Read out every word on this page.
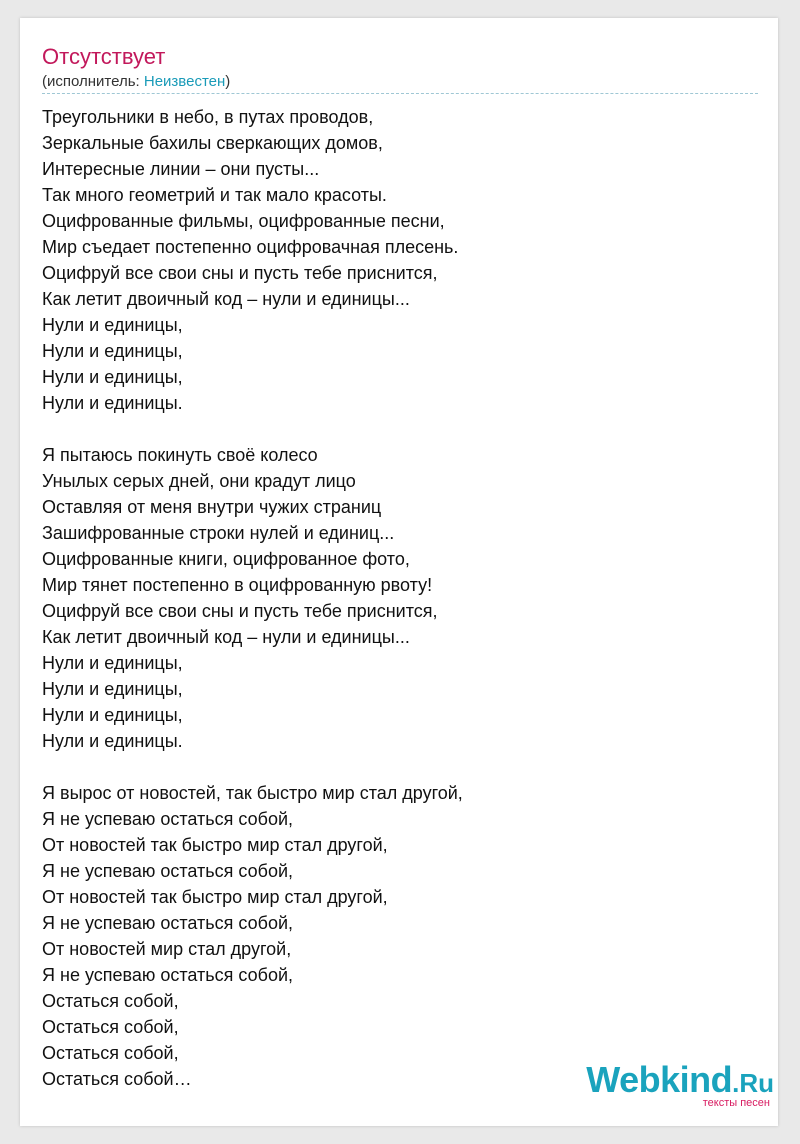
Отсутствует
(исполнитель: Неизвестен)
Треугольники в небо, в путах проводов,
Зеркальные бахилы сверкающих домов,
Интересные линии – они пусты...
Так много геометрий и так мало красоты.
Оцифрованные фильмы, оцифрованные песни,
Мир съедает постепенно оцифровачная плесень.
Оцифруй все свои сны и пусть тебе приснится,
Как летит двоичный код – нули и единицы...
Нули и единицы,
Нули и единицы,
Нули и единицы,
Нули и единицы.
Я пытаюсь покинуть своё колесо
Унылых серых дней, они крадут лицо
Оставляя от меня внутри чужих страниц
Зашифрованные строки нулей и единиц...
Оцифрованные книги, оцифрованное фото,
Мир тянет постепенно в оцифрованную рвоту!
Оцифруй все свои сны и пусть тебе приснится,
Как летит двоичный код – нули и единицы...
Нули и единицы,
Нули и единицы,
Нули и единицы,
Нули и единицы.
Я вырос от новостей, так быстро мир стал другой,
Я не успеваю остаться собой,
От новостей так быстро мир стал другой,
Я не успеваю остаться собой,
От новостей так быстро мир стал другой,
Я не успеваю остаться собой,
От новостей мир стал другой,
Я не успеваю остаться собой,
Остаться собой,
Остаться собой,
Остаться собой,
Остаться собой…	Webkind.Ru
тексты песен
